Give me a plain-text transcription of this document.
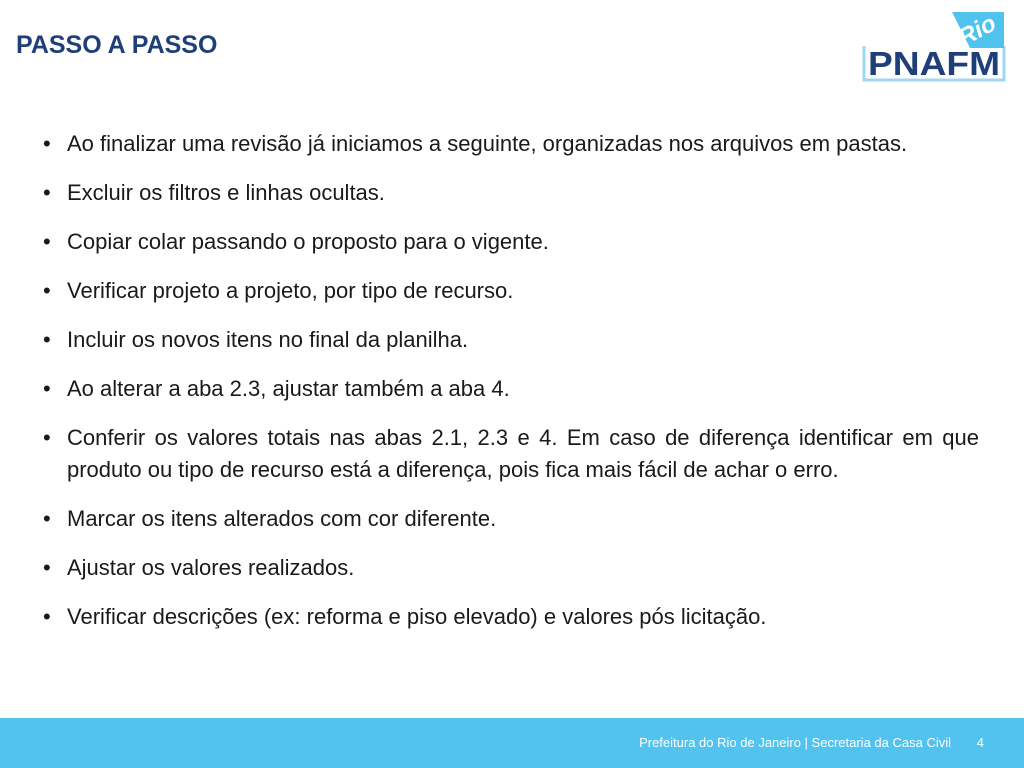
PASSO A PASSO	Rio
PNAFM
• Ao finalizar uma revisão já iniciamos a seguinte, organizadas nos arquivos em pastas.
• Excluir os filtros e linhas ocultas.
• Copiar colar passando o proposto para o vigente.
• Verificar projeto a projeto, por tipo de recurso.
• Incluir os novos itens no final da planilha.
• Ao alterar a aba 2.3, ajustar também a aba 4.
• Conferir os valores totais nas abas 2.1, 2.3 e 4. Em caso de diferença identificar em que produto ou tipo de recurso está a diferença, pois fica mais fácil de achar o erro.
• Marcar os itens alterados com cor diferente.
• Ajustar os valores realizados.
• Verificar descrições (ex: reforma e piso elevado) e valores pós licitação.
Prefeitura do Rio de Janeiro | Secretaria da Casa Civil 4
